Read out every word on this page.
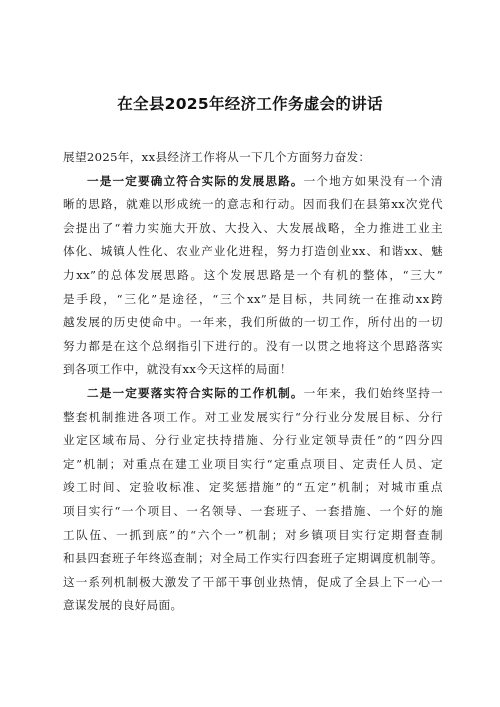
在全县2025年经济工作务虚会的讲话
展望2025年，xx县经济工作将从一下几个方面努力奋发：
一是一定要确立符合实际的发展思路。一个地方如果没有一个清
晰的思路，就难以形成统一的意志和行动。因而我们在县第xx次党代
会提出了“着力实施大开放、大投入、大发展战略，全力推进工业主
体化、城镇人性化、农业产业化进程，努力打造创业xx、和谐xx、魅
力xx”的总体发展思路。这个发展思路是一个有机的整体，“三大”
是手段，“三化”是途径，“三个xx”是目标，共同统一在推动xx跨
越发展的历史使命中。一年来，我们所做的一切工作，所付出的一切
努力都是在这个总纲指引下进行的。没有一以贯之地将这个思路落实
到各项工作中，就没有xx今天这样的局面！
二是一定要落实符合实际的工作机制。一年来，我们始终坚持一
整套机制推进各项工作。对工业发展实行“分行业分发展目标、分行
业定区域布局、分行业定扶持措施、分行业定领导责任”的“四分四
定”机制；对重点在建工业项目实行“定重点项目、定责任人员、定
竣工时间、定验收标准、定奖惩措施”的“五定”机制；对城市重点
项目实行“一个项目、一名领导、一套班子、一套措施、一个好的施
工队伍、一抓到底”的“六个一”机制；对乡镇项目实行定期督查制
和县四套班子年终巡查制；对全局工作实行四套班子定期调度机制等。
这一系列机制极大激发了干部干事创业热情，促成了全县上下一心一
意谋发展的良好局面。
